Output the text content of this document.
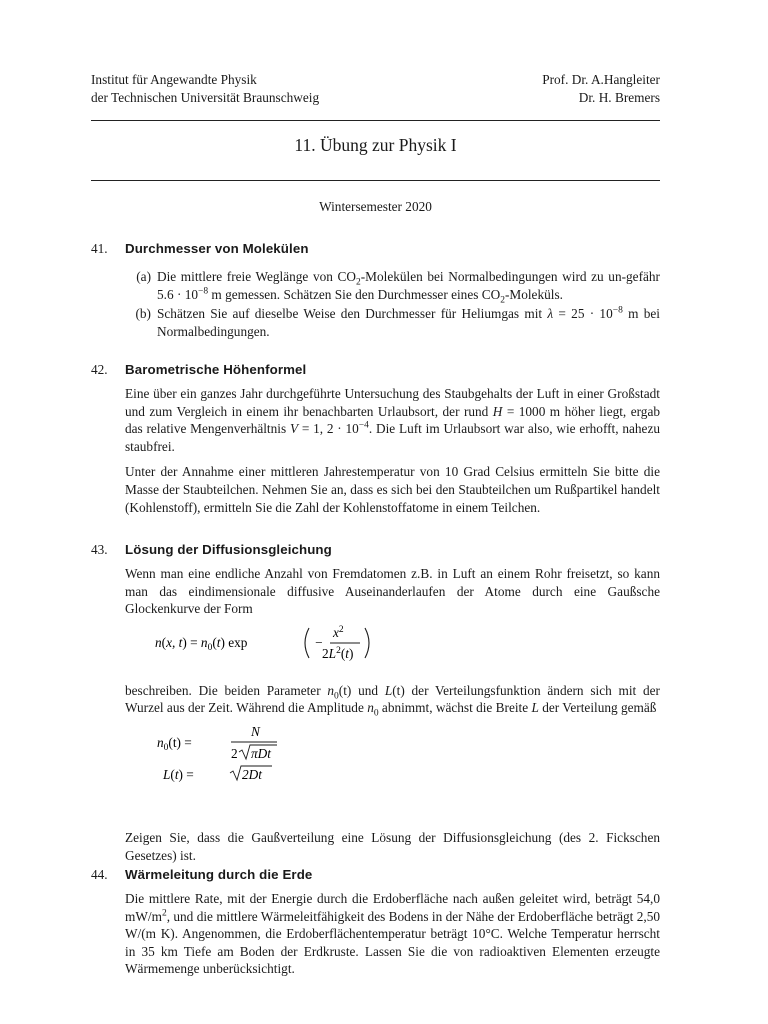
Institut für Angewandte Physik
der Technischen Universität Braunschweig
Prof. Dr. A.Hangleiter
Dr. H. Bremers
11. Übung zur Physik I
Wintersemester 2020
41.	Durchmesser von Molekülen
(a) Die mittlere freie Weglänge von $CO_2$-Molekülen bei Normalbedingungen wird zu un-gefähr $5.6 \cdot 10^{-8}$ m gemessen. Schätzen Sie den Durchmesser eines $CO_2$-Moleküls.
(b) Schätzen Sie auf dieselbe Weise den Durchmesser für Heliumgas mit $\lambda = 25 \cdot 10^{-8}$ m bei Normalbedingungen.
42.	Barometrische Höhenformel
Eine über ein ganzes Jahr durchgeführte Untersuchung des Staubgehalts der Luft in einer Großstadt und zum Vergleich in einem ihr benachbarten Urlaubsort, der rund H = 1000 m höher liegt, ergab das relative Mengenverhältnis V = 1, $2 \cdot 10^{-4}$. Die Luft im Urlaubsort war also, wie erhofft, nahezu staubfrei.
Unter der Annahme einer mittleren Jahrestemperatur von 10 Grad Celsius ermitteln Sie bitte die Masse der Staubteilchen. Nehmen Sie an, dass es sich bei den Staubteilchen um Rußpartikel handelt (Kohlenstoff), ermitteln Sie die Zahl der Kohlenstoffatome in einem Teilchen.
43.	Lösung der Diffusionsgleichung
Wenn man eine endliche Anzahl von Fremdatomen z.B. in Luft an einem Rohr freisetzt, so kann man das eindimensionale diffusive Auseinanderlaufen der Atome durch eine Gaußsche Glockenkurve der Form
n(x, $t) = n_0(t)$ exp	−
$x^2$
$2L^2(t)$
beschreiben. Die beiden Parameter $n_0(t)$ und L(t) der Verteilungsfunktion ändern sich mit der Wurzel aus der Zeit. Während die Amplitude $n_0$ abnimmt, wächst die Breite L der Verteilung gemäß
$n_0(t)$ =
N
2 πDt
L(t) =	2Dt
Zeigen Sie, dass die Gaußverteilung eine Lösung der Diffusionsgleichung (des 2. Fickschen Gesetzes) ist.
44.	Wärmeleitung durch die Erde
Die mittlere Rate, mit der Energie durch die Erdoberfläche nach außen geleitet wird, beträgt 54,0 $mW/m^2$, und die mittlere Wärmeleitfähigkeit des Bodens in der Nähe der Erdoberfläche beträgt 2,50 W/(m K). Angenommen, die Erdoberflächentemperatur beträgt 10°C. Welche Temperatur herrscht in 35 km Tiefe am Boden der Erdkruste. Lassen Sie die von radioaktiven Elementen erzeugte Wärmemenge unberücksichtigt.
